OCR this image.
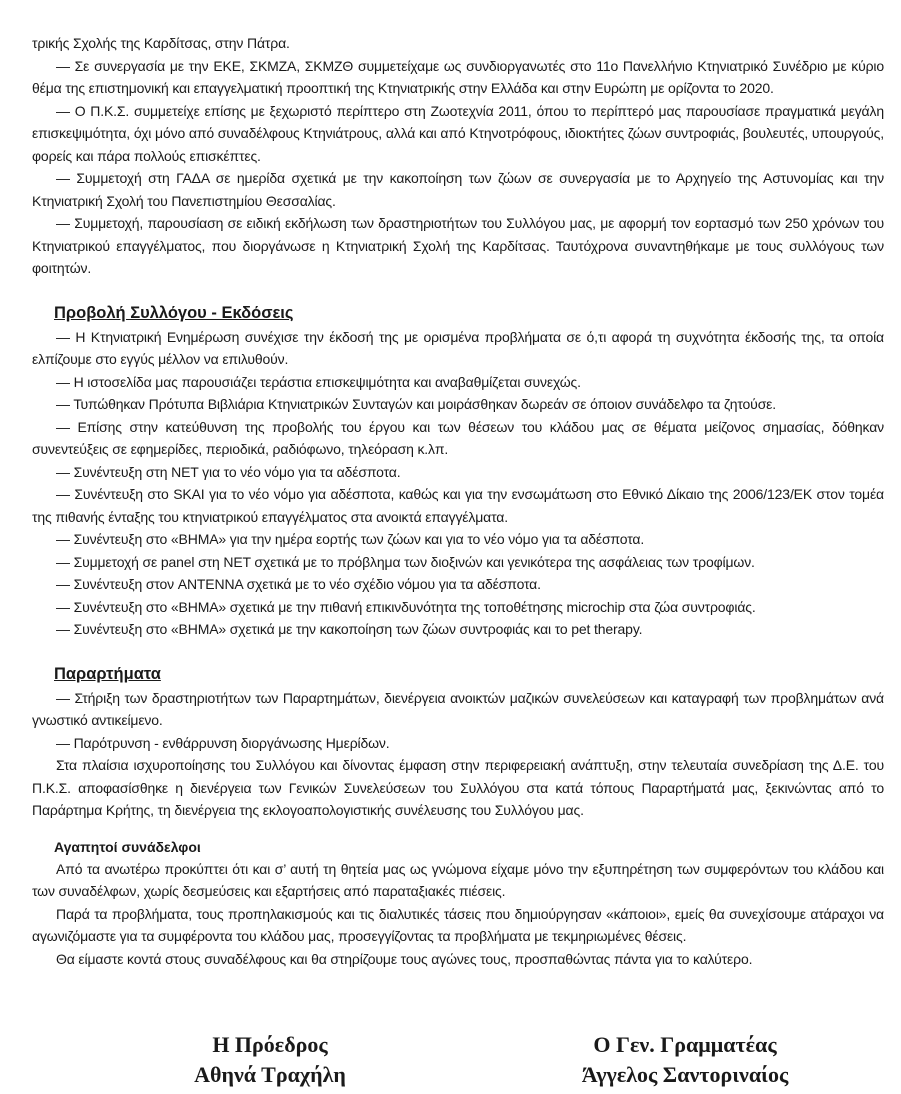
τρικής Σχολής της Καρδίτσας, στην Πάτρα.

— Σε συνεργασία με την ΕΚΕ, ΣΚΜΖΑ, ΣΚΜΖΘ συμμετείχαμε ως συνδιοργανωτές στο 11ο Πανελλήνιο Κτηνιατρικό Συνέδριο με κύριο θέμα της επιστημονική και επαγγελματική προοπτική της Κτηνιατρικής στην Ελλάδα και στην Ευρώπη με ορίζοντα το 2020.

— Ο Π.Κ.Σ. συμμετείχε επίσης με ξεχωριστό περίπτερο στη Ζωοτεχνία 2011, όπου το περίπτερό μας παρουσίασε πραγματικά μεγάλη επισκεψιμότητα, όχι μόνο από συναδέλφους Κτηνιάτρους, αλλά και από Κτηνοτρόφους, ιδιοκτήτες ζώων συντροφιάς, βουλευτές, υπουργούς, φορείς και πάρα πολλούς επισκέπτες.

— Συμμετοχή στη ΓΑΔΑ σε ημερίδα σχετικά με την κακοποίηση των ζώων σε συνεργασία με το Αρχηγείο της Αστυνομίας και την Κτηνιατρική Σχολή του Πανεπιστημίου Θεσσαλίας.

— Συμμετοχή, παρουσίαση σε ειδική εκδήλωση των δραστηριοτήτων του Συλλόγου μας, με αφορμή τον εορτασμό των 250 χρόνων του Κτηνιατρικού επαγγέλματος, που διοργάνωσε η Κτηνιατρική Σχολή της Καρδίτσας. Ταυτόχρονα συναντηθήκαμε με τους συλλόγους των φοιτητών.

Προβολή Συλλόγου - Εκδόσεις

— Η Κτηνιατρική Ενημέρωση συνέχισε την έκδοσή της με ορισμένα προβλήματα σε ό,τι αφορά τη συχνότητα έκδοσής της, τα οποία ελπίζουμε στο εγγύς μέλλον να επιλυθούν.

— Η ιστοσελίδα μας παρουσιάζει τεράστια επισκεψιμότητα και αναβαθμίζεται συνεχώς.

— Τυπώθηκαν Πρότυπα Βιβλιάρια Κτηνιατρικών Συνταγών και μοιράσθηκαν δωρεάν σε όποιον συνάδελφο τα ζητούσε.

— Επίσης στην κατεύθυνση της προβολής του έργου και των θέσεων του κλάδου μας σε θέματα μείζονος σημασίας, δόθηκαν συνεντεύξεις σε εφημερίδες, περιοδικά, ραδιόφωνο, τηλεόραση κ.λπ.

— Συνέντευξη στη ΝΕΤ για το νέο νόμο για τα αδέσποτα.

— Συνέντευξη στο SKAI για το νέο νόμο για αδέσποτα, καθώς και για την ενσωμάτωση στο Εθνικό Δίκαιο της 2006/123/ΕΚ στον τομέα της πιθανής ένταξης του κτηνιατρικού επαγγέλματος στα ανοικτά επαγγέλματα.

— Συνέντευξη στο «ΒΗΜΑ» για την ημέρα εορτής των ζώων και για το νέο νόμο για τα αδέσποτα.

— Συμμετοχή σε panel στη ΝΕΤ σχετικά με το πρόβλημα των διοξινών και γενικότερα της ασφάλειας των τροφίμων.

— Συνέντευξη στον ANTENNA σχετικά με το νέο σχέδιο νόμου για τα αδέσποτα.

— Συνέντευξη στο «ΒΗΜΑ» σχετικά με την πιθανή επικινδυνότητα της τοποθέτησης microchip στα ζώα συντροφιάς.

— Συνέντευξη στο «ΒΗΜΑ» σχετικά με την κακοποίηση των ζώων συντροφιάς και το pet therapy.

Παραρτήματα

— Στήριξη των δραστηριοτήτων των Παραρτημάτων, διενέργεια ανοικτών μαζικών συνελεύσεων και καταγραφή των προβλημάτων ανά γνωστικό αντικείμενο.

— Παρότρυνση - ενθάρρυνση διοργάνωσης Ημερίδων.

Στα πλαίσια ισχυροποίησης του Συλλόγου και δίνοντας έμφαση στην περιφερειακή ανάπτυξη, στην τελευταία συνεδρίαση της Δ.Ε. του Π.Κ.Σ. αποφασίσθηκε η διενέργεια των Γενικών Συνελεύσεων του Συλλόγου στα κατά τόπους Παραρτήματά μας, ξεκινώντας από το Παράρτημα Κρήτης, τη διενέργεια της εκλογοαπολογιστικής συνέλευσης του Συλλόγου μας.

Αγαπητοί συνάδελφοι

Από τα ανωτέρω προκύπτει ότι και σ’ αυτή τη θητεία μας ως γνώμονα είχαμε μόνο την εξυπηρέτηση των συμφερόντων του κλάδου και των συναδέλφων, χωρίς δεσμεύσεις και εξαρτήσεις από παραταξιακές πιέσεις.

Παρά τα προβλήματα, τους προπηλακισμούς και τις διαλυτικές τάσεις που δημιούργησαν «κάποιοι», εμείς θα συνεχίσουμε ατάραχοι να αγωνιζόμαστε για τα συμφέροντα του κλάδου μας, προσεγγίζοντας τα προβλήματα με τεκμηριωμένες θέσεις.

Θα είμαστε κοντά στους συναδέλφους και θα στηρίζουμε τους αγώνες τους, προσπαθώντας πάντα για το καλύτερο.

Η Πρόεδρος
Αθηνά Τραχήλη
Ο Γεν. Γραμματέας
Άγγελος Σαντοριναίος
